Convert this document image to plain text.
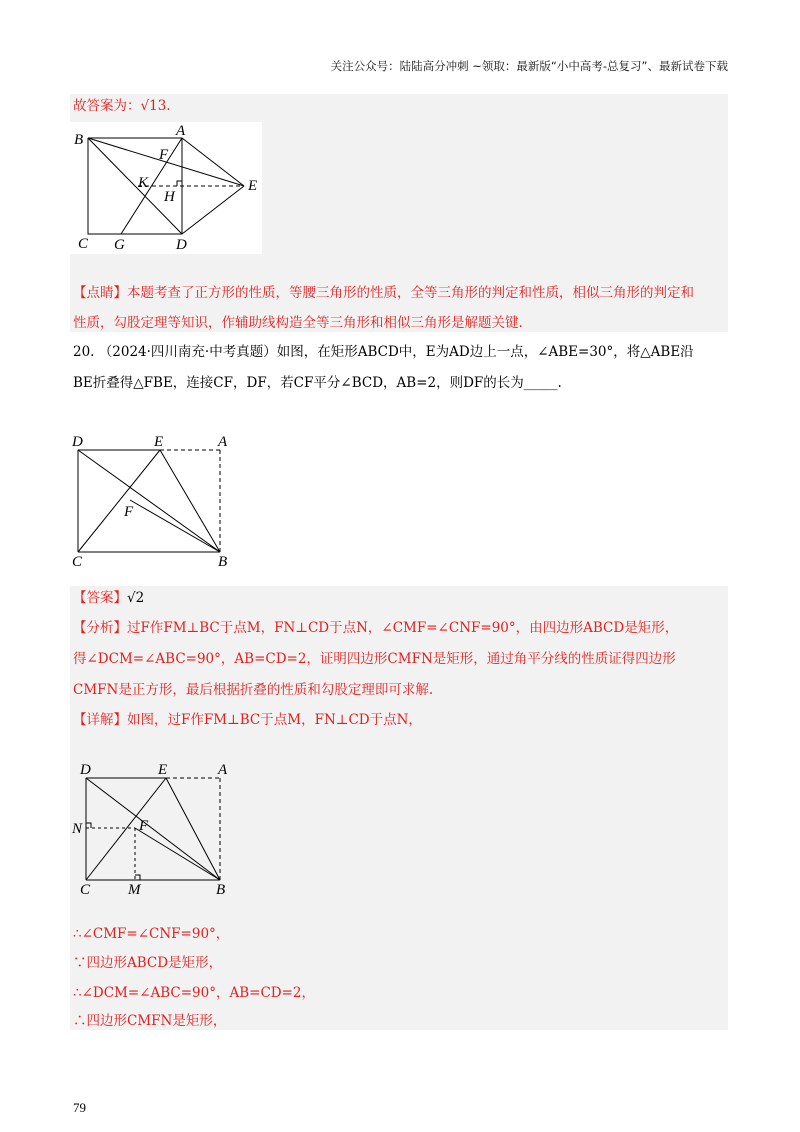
关注公众号：陆陆高分冲刺 ~领取：最新版“小中高考-总复习”、最新试卷下载
故答案为：√13.
B
A
F
K
H
E
C G	D
【点睛】本题考查了正方形的性质，等腰三角形的性质，全等三角形的判定和性质，相似三角形的判定和
性质，勾股定理等知识，作辅助线构造全等三角形和相似三角形是解题关键.
20. （2024·四川南充·中考真题）如图，在矩形ABCD中，E为AD边上一点，∠ABE=30°，将△ABE沿
BE折叠得△FBE，连接CF，DF，若CF平分∠BCD，AB=2，则DF的长为_____.
D	E	A
F
C	B
【答案】√2
【分析】过F作FM⊥BC于点M，FN⊥CD于点N，∠CMF=∠CNF=90°，由四边形ABCD是矩形，
得∠DCM=∠ABC=90°，AB=CD=2，证明四边形CMFN是矩形，通过角平分线的性质证得四边形
CMFN是正方形，最后根据折叠的性质和勾股定理即可求解.
【详解】如图，过F作FM⊥BC于点M，FN⊥CD于点N，
D	E	A
N	F
C	M	B
∴∠CMF=∠CNF=90°，
∵四边形ABCD是矩形，
∴∠DCM=∠ABC=90°，AB=CD=2，
∴四边形CMFN是矩形，
79
